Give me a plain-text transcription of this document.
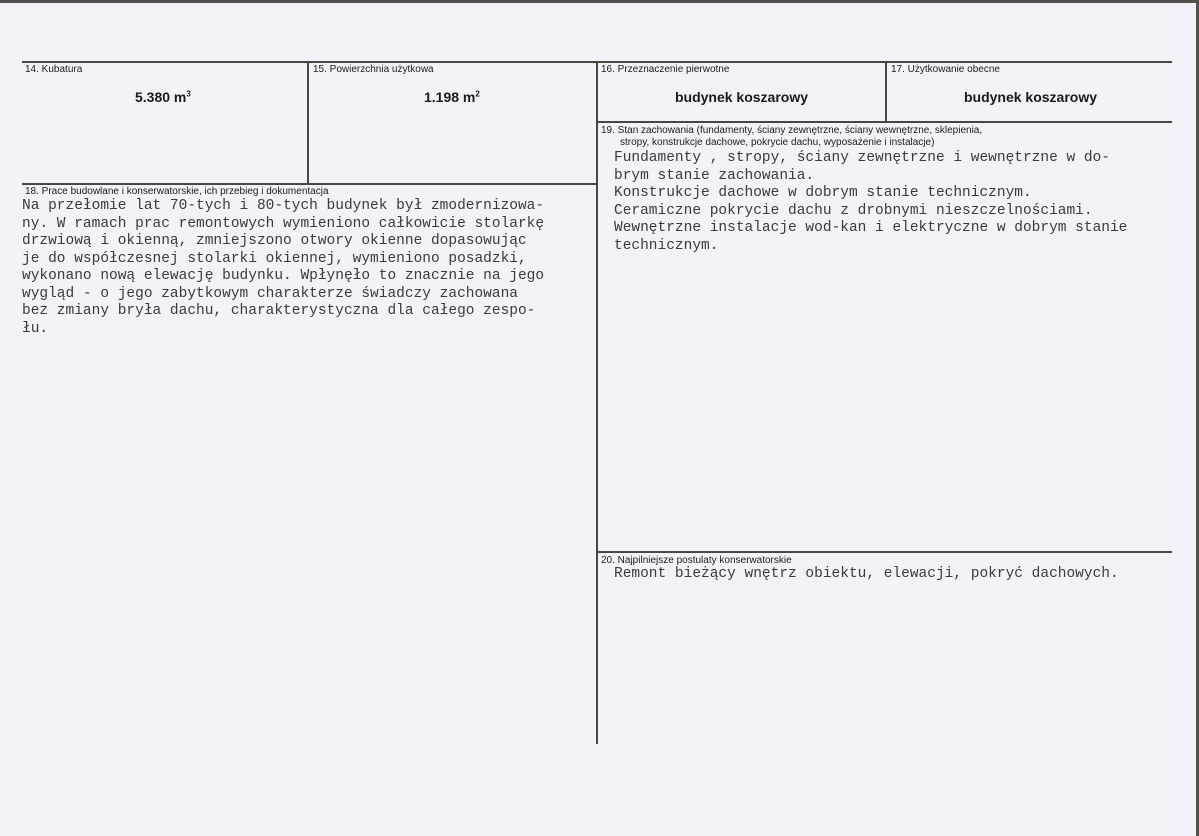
14. Kubatura
5.380 $m^3$
15. Powierzchnia użytkowa
1.198 $m^2$
16. Przeznaczenie pierwotne
budynek koszarowy
17. Użytkowanie obecne
budynek koszarowy
18. Prace budowlane i konserwatorskie, ich przebieg i dokumentacja
Na przełomie lat 70-tych i 80-tych budynek był zmodernizowa-
ny. W ramach prac remontowych wymieniono całkowicie stolarkę
drzwiową i okienną, zmniejszono otwory okienne dopasowując
je do współczesnej stolarki okiennej, wymieniono posadzki,
wykonano nową elewację budynku. Wpłynęło to znacznie na jego
wygląd - o jego zabytkowym charakterze świadczy zachowana
bez zmiany bryła dachu, charakterystyczna dla całego zespo-
łu.
19. Stan zachowania (fundamenty, ściany zewnętrzne, ściany wewnętrzne, sklepienia,
stropy, konstrukcje dachowe, pokrycie dachu, wyposażenie i instalacje)
Fundamenty , stropy, ściany zewnętrzne i wewnętrzne w do-
brym stanie zachowania.
Konstrukcje dachowe w dobrym stanie technicznym.
Ceramiczne pokrycie dachu z drobnymi nieszczelnościami.
Wewnętrzne instalacje wod-kan i elektryczne w dobrym stanie
technicznym.
20. Najpilniejsze postulaty konserwatorskie
Remont bieżący wnętrz obiektu, elewacji, pokryć dachowych.
